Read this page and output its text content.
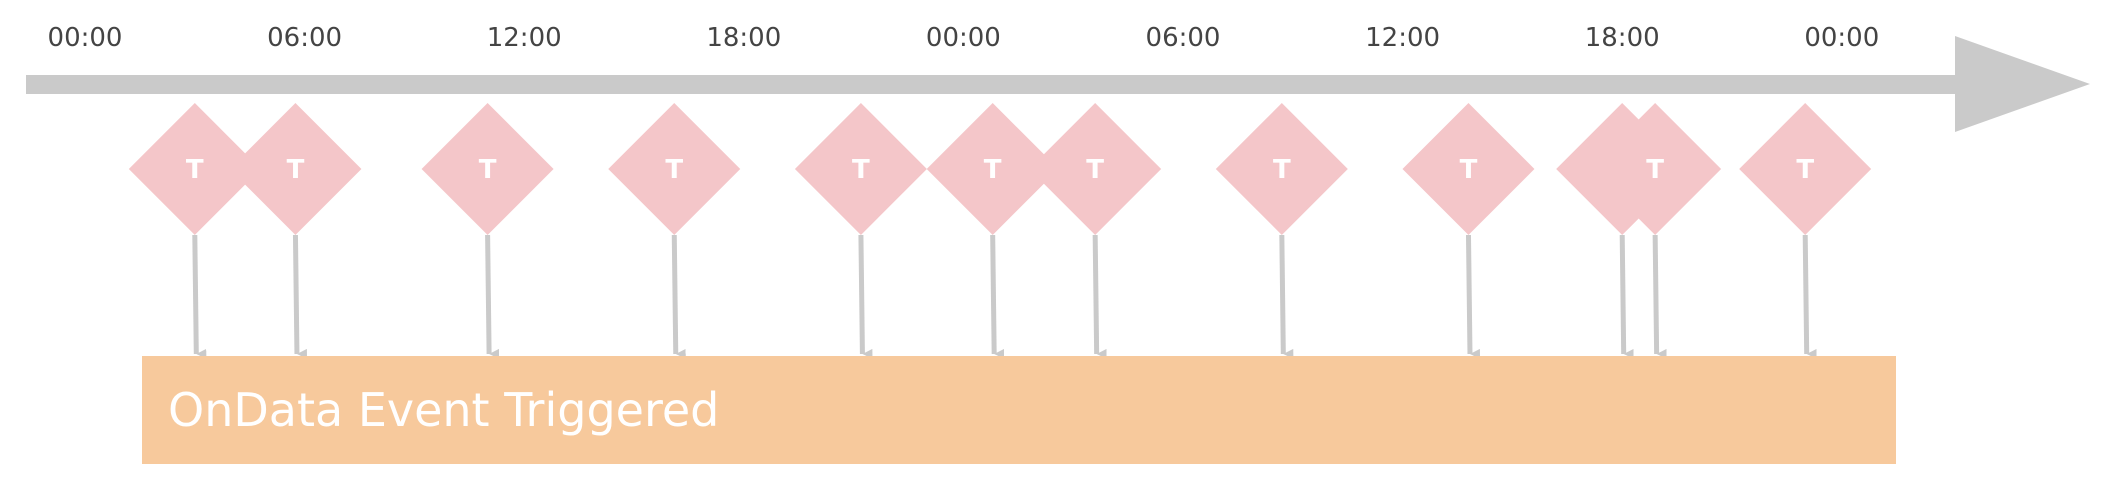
00:00	06:00	12:00	18:00	00:00	06:00	12:00	18:00	00:00
T	T	T	T	T	T	T	T	T	T	T
OnData Event Triggered
